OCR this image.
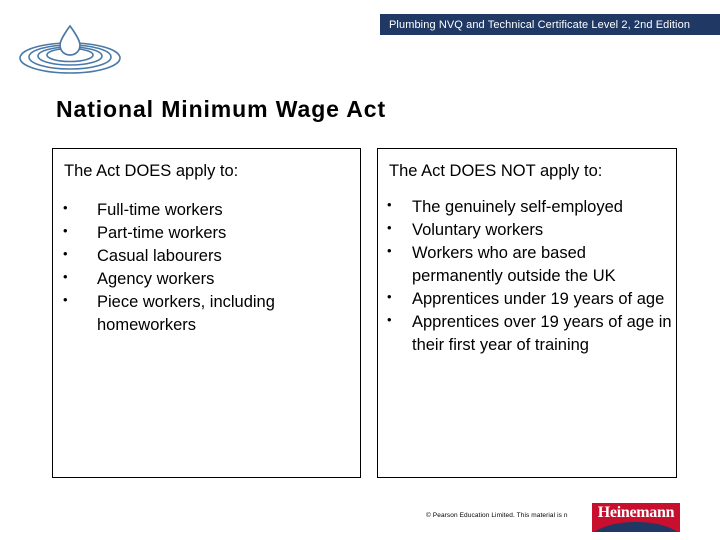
Plumbing NVQ and Technical Certificate Level 2, 2nd Edition
National Minimum Wage Act
The Act DOES apply to:
• Full-time workers
• Part-time workers
• Casual labourers
• Agency workers
• Piece workers, including homeworkers
The Act DOES NOT apply to:
• The genuinely self-employed
• Voluntary workers
• Workers who are based permanently outside the UK
• Apprentices under 19 years of age
• Apprentices over 19 years of age in their first year of training
© Pearson Education Limited. This material is n	Heinemann
